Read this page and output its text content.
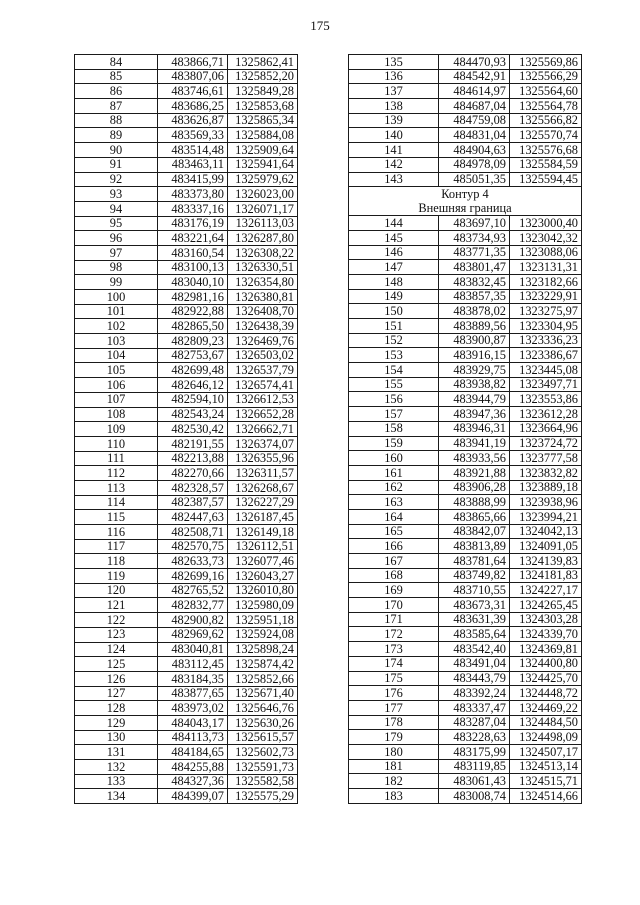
175
84	483866,71	1325862,41
85	483807,06	1325852,20
86	483746,61	1325849,28
87	483686,25	1325853,68
88	483626,87	1325865,34
89	483569,33	1325884,08
90	483514,48	1325909,64
91	483463,11	1325941,64
92	483415,99	1325979,62
93	483373,80	1326023,00
94	483337,16	1326071,17
95	483176,19	1326113,03
96	483221,64	1326287,80
97	483160,54	1326308,22
98	483100,13	1326330,51
99	483040,10	1326354,80
100	482981,16	1326380,81
101	482922,88	1326408,70
102	482865,50	1326438,39
103	482809,23	1326469,76
104	482753,67	1326503,02
105	482699,48	1326537,79
106	482646,12	1326574,41
107	482594,10	1326612,53
108	482543,24	1326652,28
109	482530,42	1326662,71
110	482191,55	1326374,07
111	482213,88	1326355,96
112	482270,66	1326311,57
113	482328,57	1326268,67
114	482387,57	1326227,29
115	482447,63	1326187,45
116	482508,71	1326149,18
117	482570,75	1326112,51
118	482633,73	1326077,46
119	482699,16	1326043,27
120	482765,52	1326010,80
121	482832,77	1325980,09
122	482900,82	1325951,18
123	482969,62	1325924,08
124	483040,81	1325898,24
125	483112,45	1325874,42
126	483184,35	1325852,66
127	483877,65	1325671,40
128	483973,02	1325646,76
129	484043,17	1325630,26
130	484113,73	1325615,57
131	484184,65	1325602,73
132	484255,88	1325591,73
133	484327,36	1325582,58
134	484399,07	1325575,29
135	484470,93	1325569,86
136	484542,91	1325566,29
137	484614,97	1325564,60
138	484687,04	1325564,78
139	484759,08	1325566,82
140	484831,04	1325570,74
141	484904,63	1325576,68
142	484978,09	1325584,59
143	485051,35	1325594,45

Контур 4
Внешняя граница		

144	483697,10	1323000,40
145	483734,93	1323042,32
146	483771,35	1323088,06
147	483801,47	1323131,31
148	483832,45	1323182,66
149	483857,35	1323229,91
150	483878,02	1323275,97
151	483889,56	1323304,95
152	483900,87	1323336,23
153	483916,15	1323386,67
154	483929,75	1323445,08
155	483938,82	1323497,71
156	483944,79	1323553,86
157	483947,36	1323612,28
158	483946,31	1323664,96
159	483941,19	1323724,72
160	483933,56	1323777,58
161	483921,88	1323832,82
162	483906,28	1323889,18
163	483888,99	1323938,96
164	483865,66	1323994,21
165	483842,07	1324042,13
166	483813,89	1324091,05
167	483781,64	1324139,83
168	483749,82	1324181,83
169	483710,55	1324227,17
170	483673,31	1324265,45
171	483631,39	1324303,28
172	483585,64	1324339,70
173	483542,40	1324369,81
174	483491,04	1324400,80
175	483443,79	1324425,70
176	483392,24	1324448,72
177	483337,47	1324469,22
178	483287,04	1324484,50
179	483228,63	1324498,09
180	483175,99	1324507,17
181	483119,85	1324513,14
182	483061,43	1324515,71
183	483008,74	1324514,66
